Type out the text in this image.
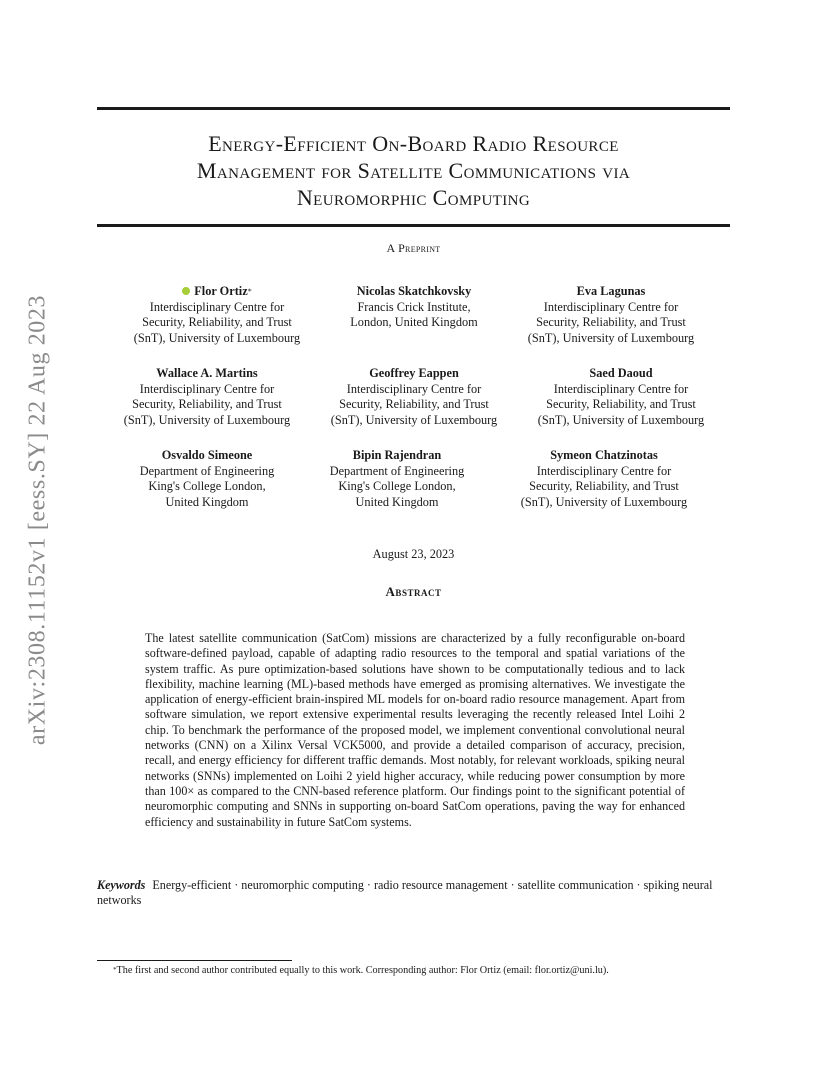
arXiv:2308.11152v1 [eess.SY] 22 Aug 2023
Energy-Efficient On-Board Radio Resource
Management for Satellite Communications via
Neuromorphic Computing
A Preprint
Flor Ortiz*
Interdisciplinary Centre for
Security, Reliability, and Trust
(SnT), University of Luxembourg
Nicolas Skatchkovsky
Francis Crick Institute,
London, United Kingdom
Eva Lagunas
Interdisciplinary Centre for
Security, Reliability, and Trust
(SnT), University of Luxembourg
Wallace A. Martins
Interdisciplinary Centre for
Security, Reliability, and Trust
(SnT), University of Luxembourg
Geoffrey Eappen
Interdisciplinary Centre for
Security, Reliability, and Trust
(SnT), University of Luxembourg
Saed Daoud
Interdisciplinary Centre for
Security, Reliability, and Trust
(SnT), University of Luxembourg
Osvaldo Simeone
Department of Engineering
King's College London,
United Kingdom
Bipin Rajendran
Department of Engineering
King's College London,
United Kingdom
Symeon Chatzinotas
Interdisciplinary Centre for
Security, Reliability, and Trust
(SnT), University of Luxembourg
August 23, 2023
Abstract
The latest satellite communication (SatCom) missions are characterized by a fully reconfigurable on-board software-defined payload, capable of adapting radio resources to the temporal and spatial variations of the system traffic. As pure optimization-based solutions have shown to be computationally tedious and to lack flexibility, machine learning (ML)-based methods have emerged as promising alternatives. We investigate the application of energy-efficient brain-inspired ML models for on-board radio resource management. Apart from software simulation, we report extensive experimental results leveraging the recently released Intel Loihi 2 chip. To benchmark the performance of the proposed model, we implement conventional convolutional neural networks (CNN) on a Xilinx Versal VCK5000, and provide a detailed comparison of accuracy, precision, recall, and energy efficiency for different traffic demands. Most notably, for relevant workloads, spiking neural networks (SNNs) implemented on Loihi 2 yield higher accuracy, while reducing power consumption by more than 100× as compared to the CNN-based reference platform. Our findings point to the significant potential of neuromorphic computing and SNNs in supporting on-board SatCom operations, paving the way for enhanced efficiency and sustainability in future SatCom systems.
Keywords Energy-efficient · neuromorphic computing · radio resource management · satellite communication · spiking neural networks
*The first and second author contributed equally to this work. Corresponding author: Flor Ortiz (email: flor.ortiz@uni.lu).
